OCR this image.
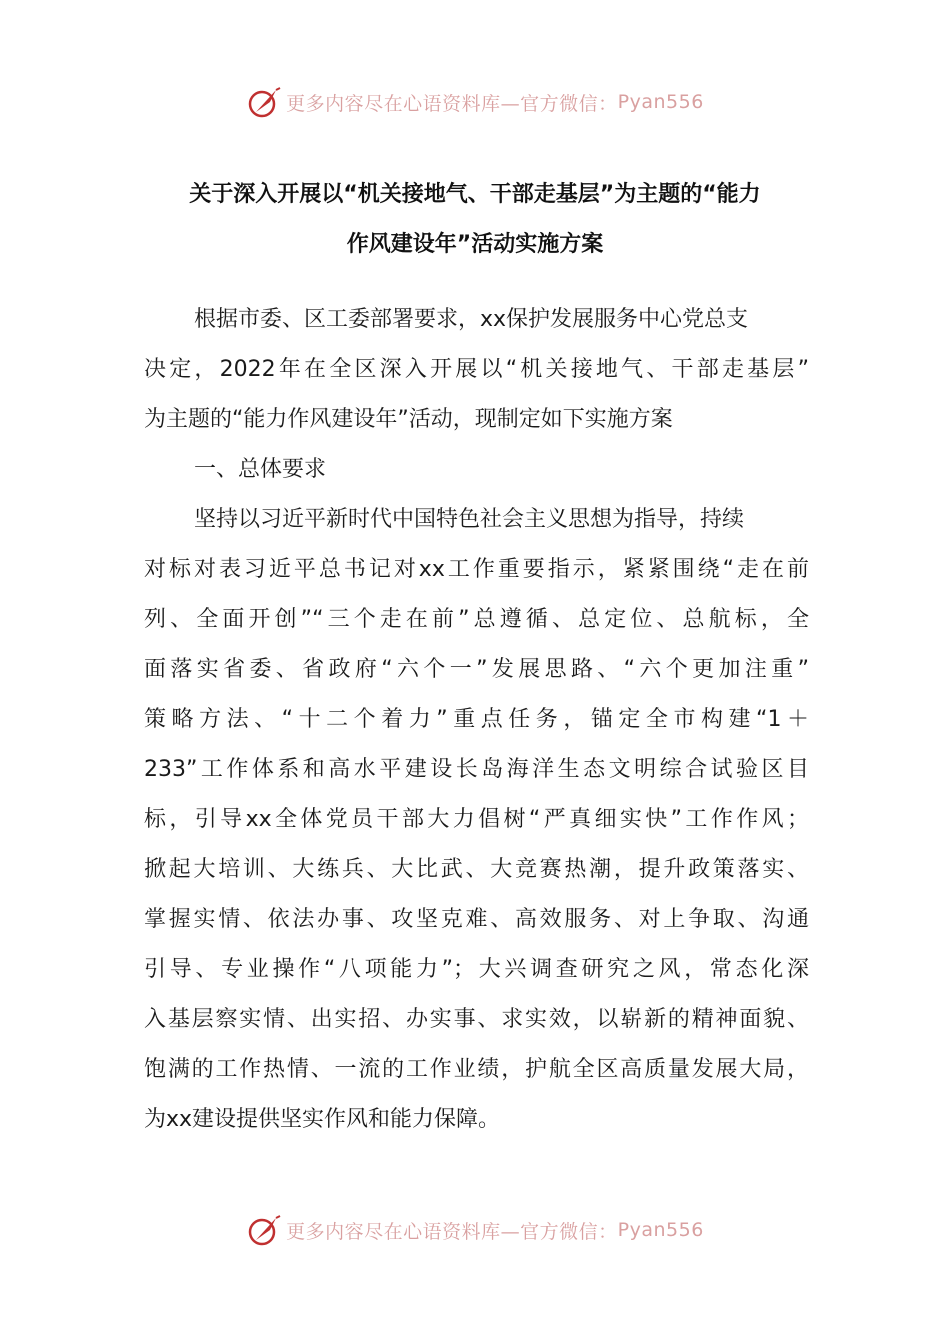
更多内容尽在心语资料库—官方微信： Pyan556
关于深入开展以“机关接地气、干部走基层”为主题的“能力
作风建设年”活动实施方案
根据市委、区工委部署要求，xx保护发展服务中心党总支
决定，2022年在全区深入开展以“机关接地气、干部走基层”
为主题的“能力作风建设年”活动，现制定如下实施方案
一、总体要求
坚持以习近平新时代中国特色社会主义思想为指导，持续
对标对表习近平总书记对xx工作重要指示，紧紧围绕“走在前
列、全面开创”“三个走在前”总遵循、总定位、总航标，全
面落实省委、省政府“六个一”发展思路、“六个更加注重”
策略方法、“十二个着力”重点任务，锚定全市构建“1＋
233”工作体系和高水平建设长岛海洋生态文明综合试验区目
标，引导xx全体党员干部大力倡树“严真细实快”工作作风；
掀起大培训、大练兵、大比武、大竞赛热潮，提升政策落实、
掌握实情、依法办事、攻坚克难、高效服务、对上争取、沟通
引导、专业操作“八项能力”；大兴调查研究之风，常态化深
入基层察实情、出实招、办实事、求实效，以崭新的精神面貌、
饱满的工作热情、一流的工作业绩，护航全区高质量发展大局，
为xx建设提供坚实作风和能力保障。
更多内容尽在心语资料库—官方微信： Pyan556
